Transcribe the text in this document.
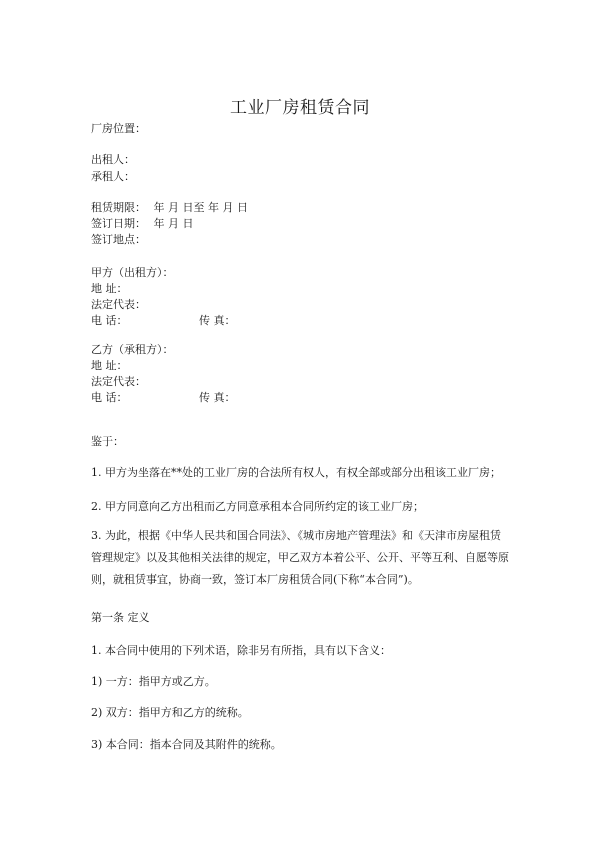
工业厂房租赁合同
厂房位置：
出租人：
承租人：
租赁期限： 年 月 日至 年 月 日
签订日期： 年 月 日
签订地点：
甲方（出租方）：
地 址：
法定代表：
电 话：	传 真：
乙方（承租方）：
地 址：
法定代表：
电 话：	传 真：
鉴于：
1. 甲方为坐落在**处的工业厂房的合法所有权人，有权全部或部分出租该工业厂房；
2. 甲方同意向乙方出租而乙方同意承租本合同所约定的该工业厂房；
3. 为此，根据《中华人民共和国合同法》、《城市房地产管理法》和《天津市房屋租赁管理规定》以及其他相关法律的规定，甲乙双方本着公平、公开、平等互利、自愿等原则，就租赁事宜，协商一致，签订本厂房租赁合同(下称“本合同”)。
第一条 定义
1. 本合同中使用的下列术语，除非另有所指，具有以下含义：
1) 一方：指甲方或乙方。
2) 双方：指甲方和乙方的统称。
3) 本合同：指本合同及其附件的统称。
